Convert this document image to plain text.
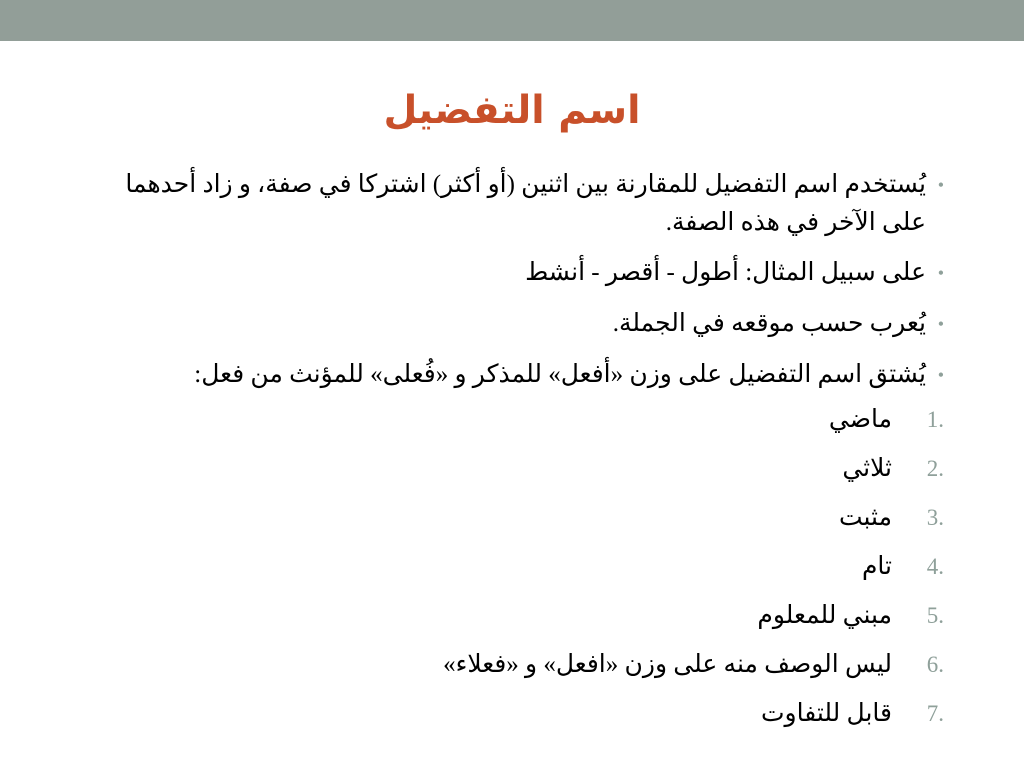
اسم التفضيل
•
يُستخدم اسم التفضيل للمقارنة بين اثنين (أو أكثر) اشتركا في صفة، و زاد أحدهما على الآخر في هذه الصفة.
•
على سبيل المثال: أطول - أقصر - أنشط
•
يُعرب حسب موقعه في الجملة.
•
يُشتق اسم التفضيل على وزن «أفعل» للمذكر و «فُعلى» للمؤنث من فعل:
1.
ماضي
2.
ثلاثي
3.
مثبت
4.
تام
5.
مبني للمعلوم
6.
ليس الوصف منه على وزن «افعل» و «فعلاء»
7.
قابل للتفاوت
